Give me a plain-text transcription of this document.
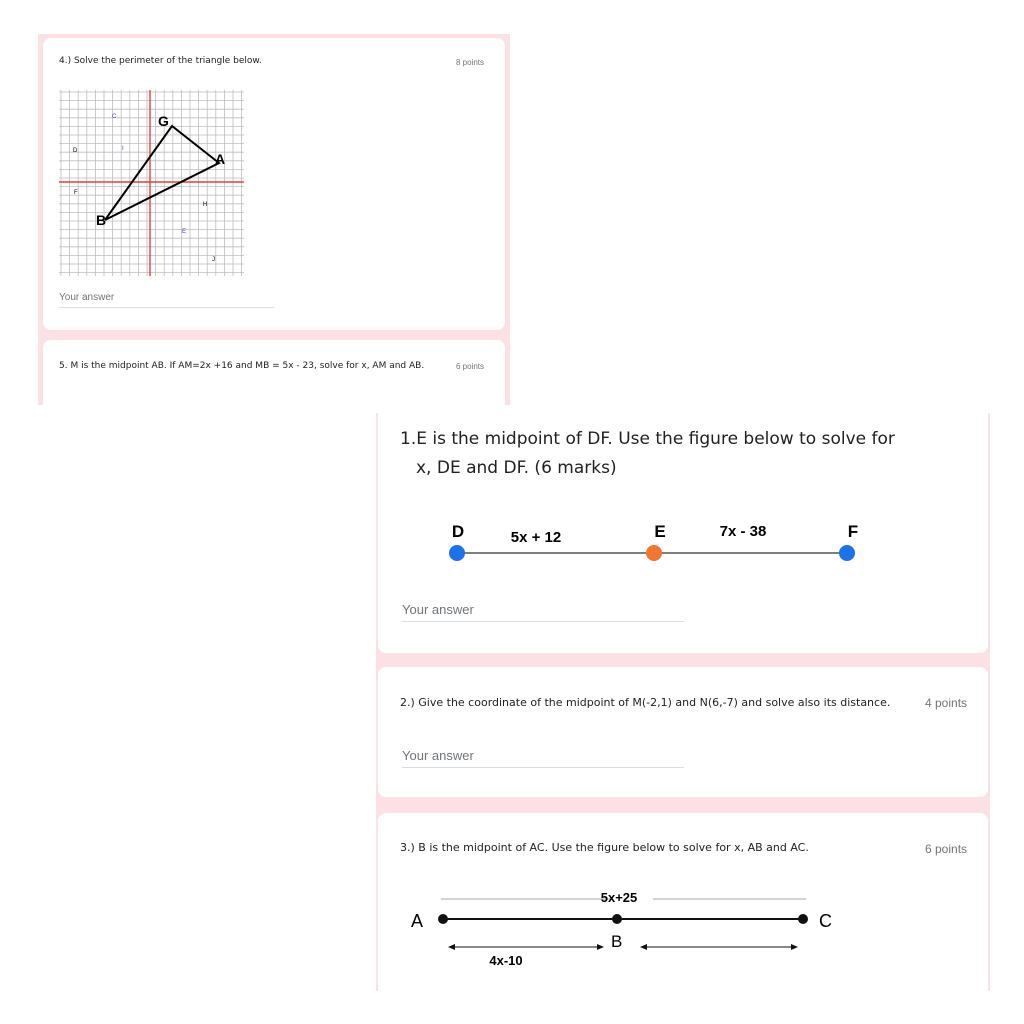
4.) Solve the perimeter of the triangle below.	8 points
G
A
B
C
I
D
F
H
E
J
Your answer
5. M is the midpoint AB. If AM=2x +16 and MB = 5x - 23, solve for x, AM and AB.	6 points
1.E is the midpoint of DF. Use the figure below to solve for
x, DE and DF. (6 marks)
D	E	F
5x + 12	7x - 38
Your answer
2.) Give the coordinate of the midpoint of M(-2,1) and N(6,-7) and solve also its distance.	4 points
Your answer
3.) B is the midpoint of AC. Use the figure below to solve for x, AB and AC.	6 points
5x+25
A	C
B
4x-10
